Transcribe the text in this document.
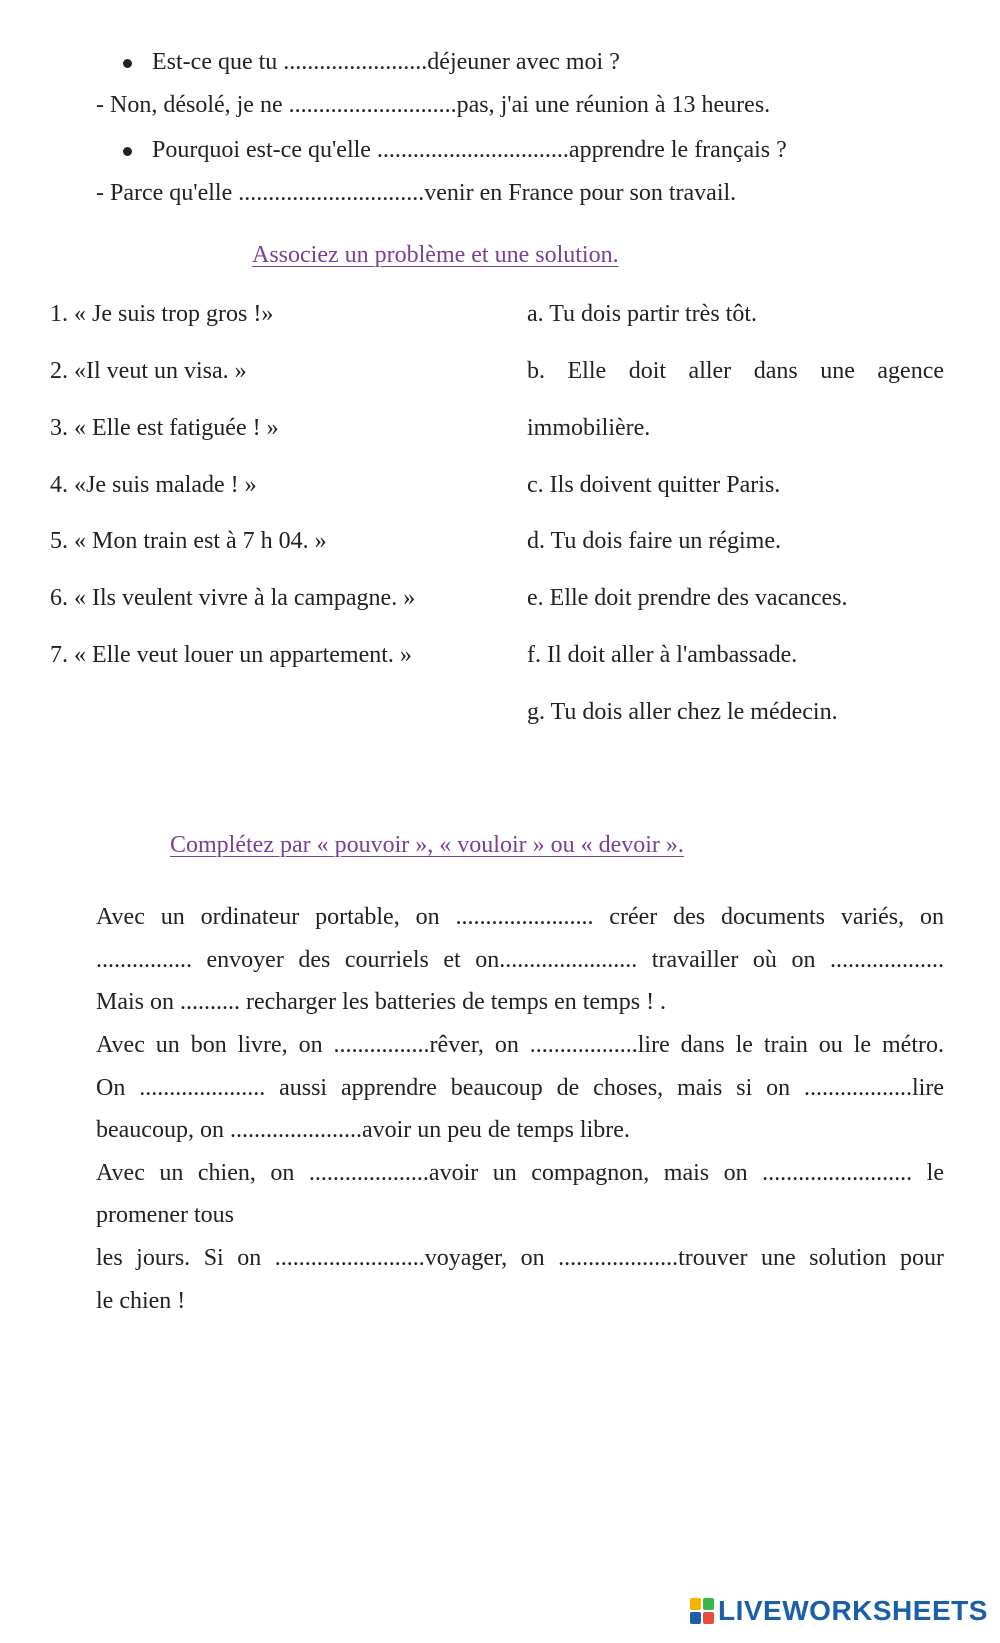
Est-ce que tu ........................déjeuner avec moi ?
- Non, désolé, je ne ............................pas, j'ai une réunion à 13 heures.
Pourquoi est-ce qu'elle ................................apprendre le français ?
- Parce qu'elle ...............................venir en France pour son travail.
Associez un problème et une solution.
1. « Je suis trop gros !»
2. «Il veut un visa. »
3. « Elle est fatiguée ! »
4. «Je suis malade ! »
5. « Mon train est à 7 h 04. »
6. « Ils veulent vivre à la campagne. »
7. « Elle veut louer un appartement. »
a. Tu dois partir très tôt.
b. Elle doit aller dans une agence
immobilière.
c. Ils doivent quitter Paris.
d. Tu dois faire un régime.
e. Elle doit prendre des vacances.
f. Il doit aller à l'ambassade.
g. Tu dois aller chez le médecin.
Complétez par « pouvoir », « vouloir » ou « devoir ».
Avec un ordinateur portable, on ....................... créer des documents variés, on
................ envoyer des courriels et on....................... travailler où on ...................
Mais on .......... recharger les batteries de temps en temps ! .
Avec un bon livre, on ................rêver, on ..................lire dans le train ou le métro.
On ..................... aussi apprendre beaucoup de choses, mais si on ..................lire
beaucoup, on ......................avoir un peu de temps libre.
Avec un chien, on ....................avoir un compagnon, mais on ......................... le
promener tous
les jours. Si on .........................voyager, on ....................trouver une solution pour
le chien !
LIVEWORKSHEETS
